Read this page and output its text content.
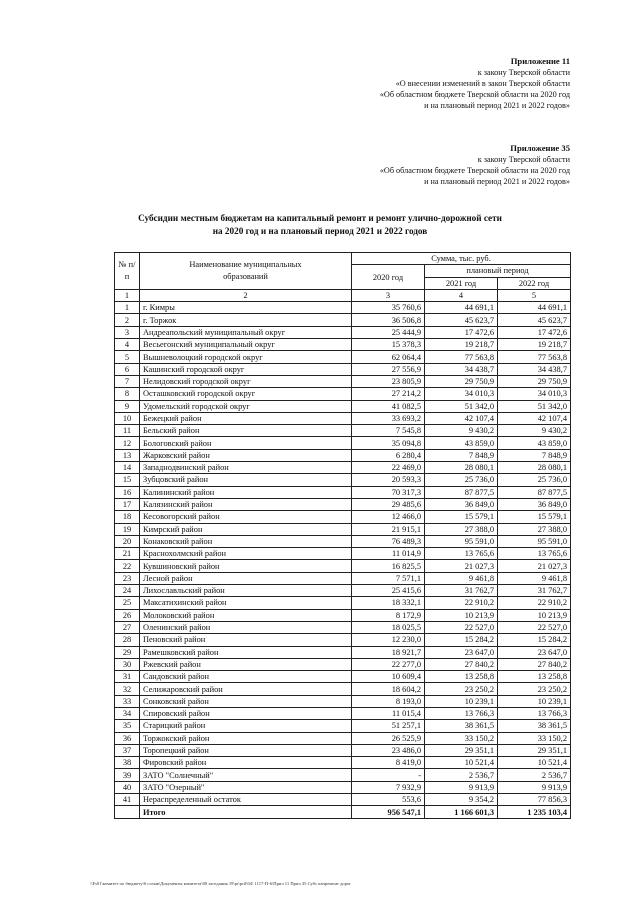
Приложение 11
к закону Тверской области
«О внесении изменений в закон Тверской области
«Об областном бюджете Тверской области на 2020 год
и на плановый период 2021 и 2022 годов»
Приложение 35
к закону Тверской области
«Об областном бюджете Тверской области на 2020 год
и на плановый период 2021 и 2022 годов»
Субсидии местным бюджетам на капитальный ремонт и ремонт улично-дорожной сети
на 2020 год и на плановый период 2021 и 2022 годов
№ п/п	Наименование муниципальных образований	Сумма, тыс. руб.		
		2020 год	плановый период	
			2021 год	2022 год
1	2	3	4	5
1	г. Кимры	35 760,6	44 691,1	44 691,1
2	г. Торжок	36 506,8	45 623,7	45 623,7
3	Андреапольский муниципальный округ	25 444,9	17 472,6	17 472,6
4	Весьегонский муниципальный округ	15 378,3	19 218,7	19 218,7
5	Вышневолоцкий городской округ	62 064,4	77 563,8	77 563,8
6	Кашинский городской округ	27 556,9	34 438,7	34 438,7
7	Нелидовский городской округ	23 805,9	29 750,9	29 750,9
8	Осташковский городской округ	27 214,2	34 010,3	34 010,3
9	Удомельский городской округ	41 082,5	51 342,0	51 342,0
10	Бежецкий район	33 693,2	42 107,4	42 107,4
11	Бельский район	7 545,8	9 430,2	9 430,2
12	Бологовский район	35 094,8	43 859,0	43 859,0
13	Жарковский район	6 280,4	7 848,9	7 848,9
14	Западнодвинский район	22 469,0	28 080,1	28 080,1
15	Зубцовский район	20 593,3	25 736,0	25 736,0
16	Калининский район	70 317,3	87 877,5	87 877,5
17	Калязинский район	29 485,6	36 849,0	36 849,0
18	Кесовогорский район	12 466,0	15 579,1	15 579,1
19	Кимрский район	21 915,1	27 388,0	27 388,0
20	Конаковский район	76 489,3	95 591,0	95 591,0
21	Краснохолмский район	11 014,9	13 765,6	13 765,6
22	Кувшиновский район	16 825,5	21 027,3	21 027,3
23	Лесной район	7 571,1	9 461,8	9 461,8
24	Лихославльский район	25 415,6	31 762,7	31 762,7
25	Максатихинский район	18 332,1	22 910,2	22 910,2
26	Молоковский район	8 172,9	10 213,9	10 213,9
27	Оленинский район	18 025,5	22 527,0	22 527,0
28	Пеновский район	12 230,0	15 284,2	15 284,2
29	Рамешковский район	18 921,7	23 647,0	23 647,0
30	Ржевский район	22 277,0	27 840,2	27 840,2
31	Сандовский район	10 609,4	13 258,8	13 258,8
32	Селижаровский район	18 604,2	23 250,2	23 250,2
33	Сонковский район	8 193,0	10 239,1	10 239,1
34	Спировский район	11 015,4	13 766,3	13 766,3
35	Старицкий район	51 257,1	38 361,5	38 361,5
36	Торжокский район	26 525,9	33 150,2	33 150,2
37	Торопецкий район	23 486,0	29 351,1	29 351,1
38	Фировский район	8 419,0	10 521,4	10 521,4
39	ЗАТО "Солнечный"	-	2 536,7	2 536,7
40	ЗАТО "Озерный"	7 932,9	9 913,9	9 913,9
41	Нераспределенный остаток	553,6	9 354,2	77 856,3
	Итого	956 547,1	1 166 601,3	1 235 103,4
\\Fs01\комитет по бюджету\6 созыв\Документы комитета\00 заседания 19\pr\pril\04\ 1117-П-6\Прил 11 Прил 35 Субс капремонт дорог
